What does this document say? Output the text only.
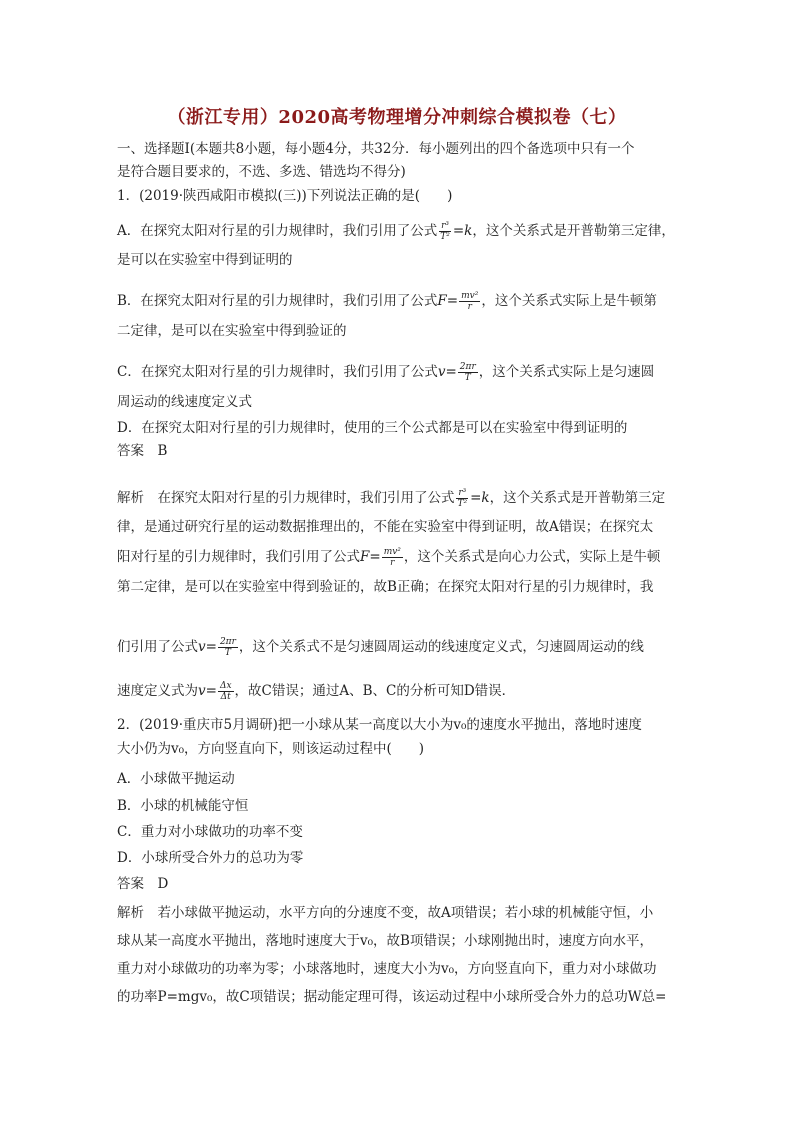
（浙江专用）2020高考物理增分冲刺综合模拟卷（七）
一、选择题Ⅰ(本题共8小题，每小题4分，共32分．每小题列出的四个备选项中只有一个
是符合题目要求的，不选、多选、错选均不得分)
1．(2019·陕西咸阳市模拟(三))下列说法正确的是(　　)
A．在探究太阳对行星的引力规律时，我们引用了公式 $\frac{\text{r³}}{\text{T²}} =k$，这个关系式是开普勒第三定律，
是可以在实验室中得到证明的
B．在探究太阳对行星的引力规律时，我们引用了公式$F= \frac{\text{mv²}}{r}$ ，这个关系式实际上是牛顿第
二定律，是可以在实验室中得到验证的
C．在探究太阳对行星的引力规律时，我们引用了公式$v= \frac{2\pi r}{T}$ ，这个关系式实际上是匀速圆
周运动的线速度定义式
D．在探究太阳对行星的引力规律时，使用的三个公式都是可以在实验室中得到证明的
答案　B
解析　在探究太阳对行星的引力规律时，我们引用了公式 $\frac{\text{r³}}{\text{T²}} =k$，这个关系式是开普勒第三定
律，是通过研究行星的运动数据推理出的，不能在实验室中得到证明，故A错误；在探究太
阳对行星的引力规律时，我们引用了公式$F= \frac{\text{mv²}}{r}$ ，这个关系式是向心力公式，实际上是牛顿
第二定律，是可以在实验室中得到验证的，故B正确；在探究太阳对行星的引力规律时，我
们引用了公式$v= \frac{2\pi r}{T}$ ，这个关系式不是匀速圆周运动的线速度定义式，匀速圆周运动的线
速度定义式为$v= \frac{\Delta x}{\Delta t}$ ，故C错误；通过A、B、C的分析可知D错误．
2．(2019·重庆市5月调研)把一小球从某一高度以大小为v₀的速度水平抛出，落地时速度
大小仍为v₀，方向竖直向下，则该运动过程中(　　)
A．小球做平抛运动
B．小球的机械能守恒
C．重力对小球做功的功率不变
D．小球所受合外力的总功为零
答案　D
解析　若小球做平抛运动，水平方向的分速度不变，故A项错误；若小球的机械能守恒，小
球从某一高度水平抛出，落地时速度大于v₀，故B项错误；小球刚抛出时，速度方向水平，
重力对小球做功的功率为零；小球落地时，速度大小为v₀，方向竖直向下，重力对小球做功
的功率P=mgv₀，故C项错误；据动能定理可得，该运动过程中小球所受合外力的总功W总=
